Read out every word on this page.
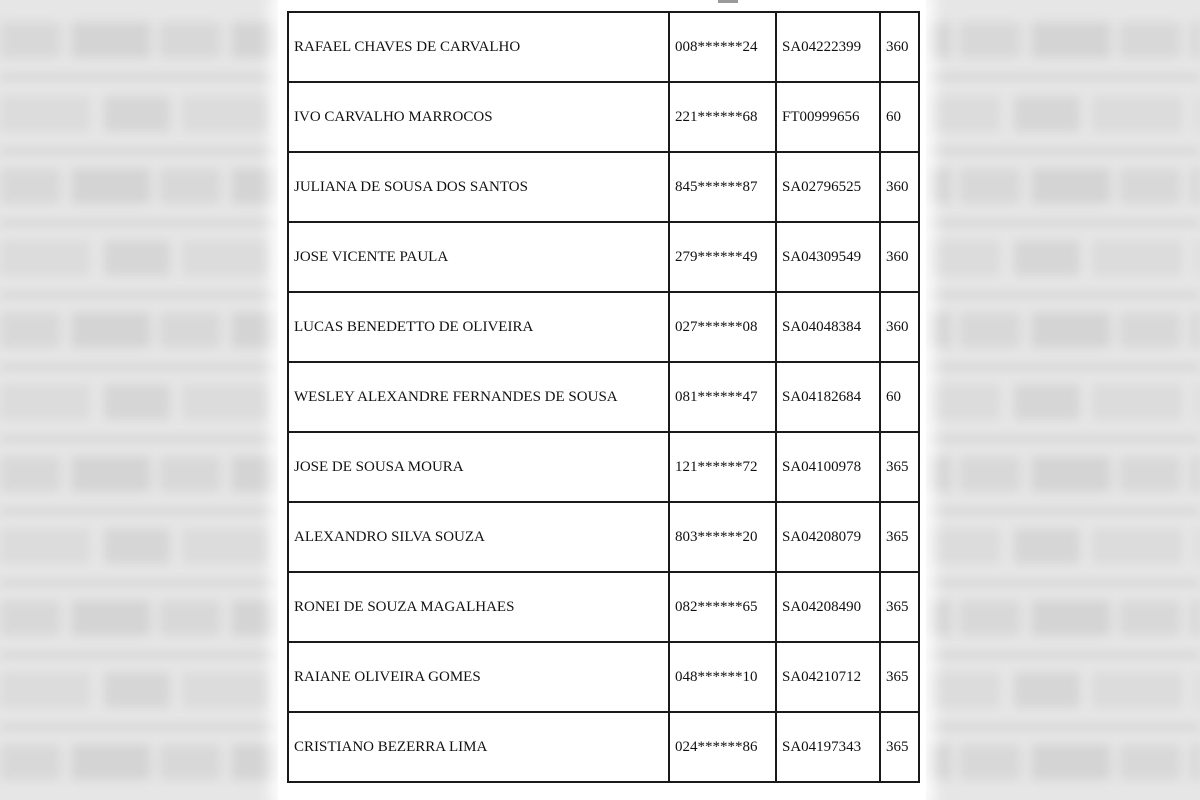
RAFAEL CHAVES DE CARVALHO	008******24	SA04222399	360
IVO CARVALHO MARROCOS	221******68	FT00999656	60
JULIANA DE SOUSA DOS SANTOS	845******87	SA02796525	360
JOSE VICENTE PAULA	279******49	SA04309549	360
LUCAS BENEDETTO DE OLIVEIRA	027******08	SA04048384	360
WESLEY ALEXANDRE FERNANDES DE SOUSA	081******47	SA04182684	60
JOSE DE SOUSA MOURA	121******72	SA04100978	365
ALEXANDRO SILVA SOUZA	803******20	SA04208079	365
RONEI DE SOUZA MAGALHAES	082******65	SA04208490	365
RAIANE OLIVEIRA GOMES	048******10	SA04210712	365
CRISTIANO BEZERRA LIMA	024******86	SA04197343	365
